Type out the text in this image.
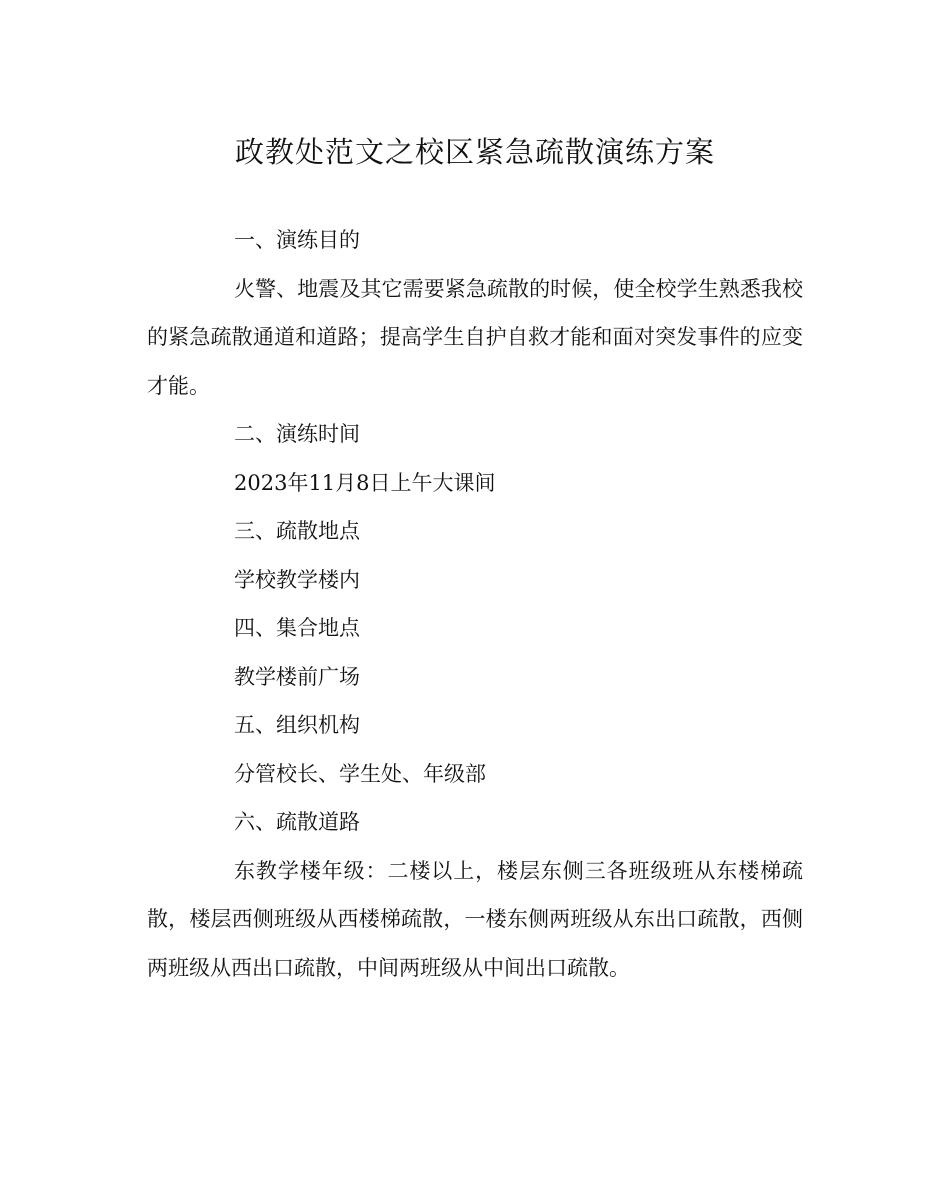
政教处范文之校区紧急疏散演练方案

一、演练目的

火警、地震及其它需要紧急疏散的时候，使全校学生熟悉我校的紧急疏散通道和道路；提高学生自护自救才能和面对突发事件的应变才能。

二、演练时间

2023年11月8日上午大课间

三、疏散地点

学校教学楼内

四、集合地点

教学楼前广场

五、组织机构

分管校长、学生处、年级部

六、疏散道路

东教学楼年级：二楼以上，楼层东侧三各班级班从东楼梯疏散，楼层西侧班级从西楼梯疏散，一楼东侧两班级从东出口疏散，西侧两班级从西出口疏散，中间两班级从中间出口疏散。
